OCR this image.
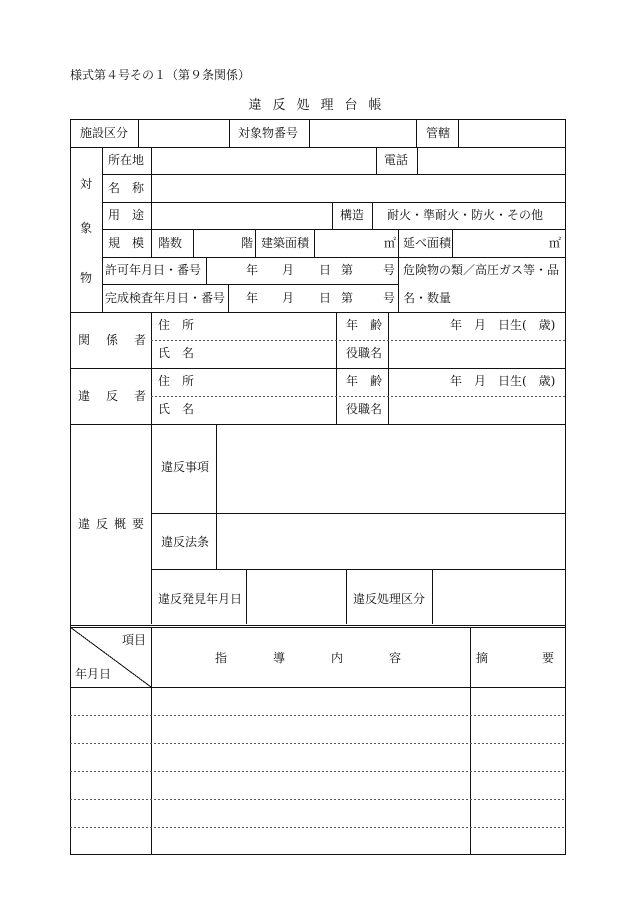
様式第４号その１（第９条関係）
違反処理台帳
施設区分	対象物番号	管轄
対
象
物
所在地	電話
名　称
用　途	構造 耐火・準耐火・防火・その他
規　模 階数	階 建築面積	㎡ 延べ面積	㎡
許可年月日・番号	年 月 日 第 号
完成検査年月日・番号 年 月 日 第 号
危険物の類／高圧ガス等・品
名・数量
関係者
住　所	年　齢	年　月　日生(　歳)
氏　名	役職名
違反者
住　所	年　齢	年　月　日生(　歳)
氏　名	役職名
違反概要
違反事項
違反法条
違反発見年月日	違反処理区分
項目
年月日
指導内容 摘要
